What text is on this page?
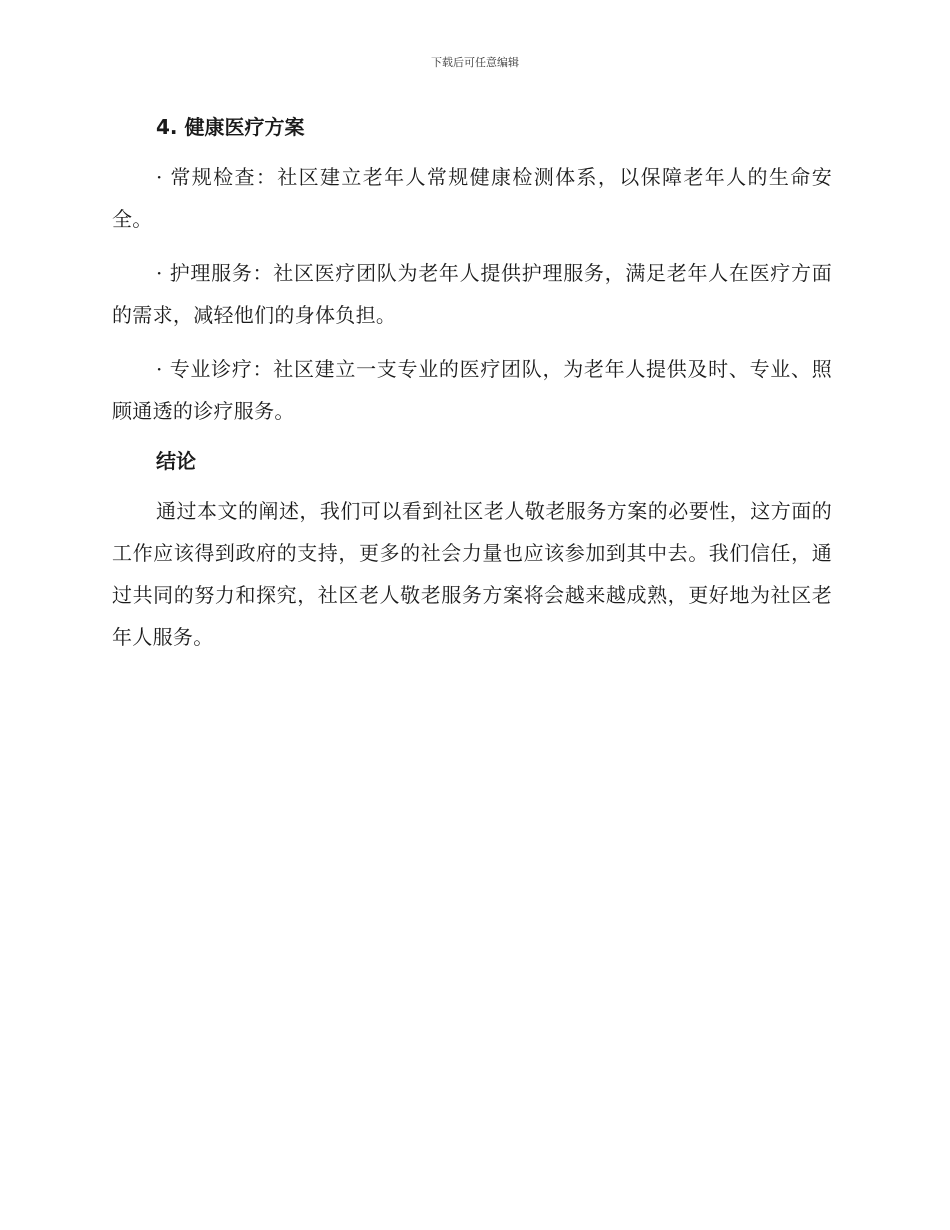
下载后可任意编辑
4. 健康医疗方案

· 常规检查：社区建立老年人常规健康检测体系，以保障老年人的生命安全。

· 护理服务：社区医疗团队为老年人提供护理服务，满足老年人在医疗方面的需求，减轻他们的身体负担。

· 专业诊疗：社区建立一支专业的医疗团队，为老年人提供及时、专业、照顾通透的诊疗服务。

结论

通过本文的阐述，我们可以看到社区老人敬老服务方案的必要性，这方面的工作应该得到政府的支持，更多的社会力量也应该参加到其中去。我们信任，通过共同的努力和探究，社区老人敬老服务方案将会越来越成熟，更好地为社区老年人服务。
